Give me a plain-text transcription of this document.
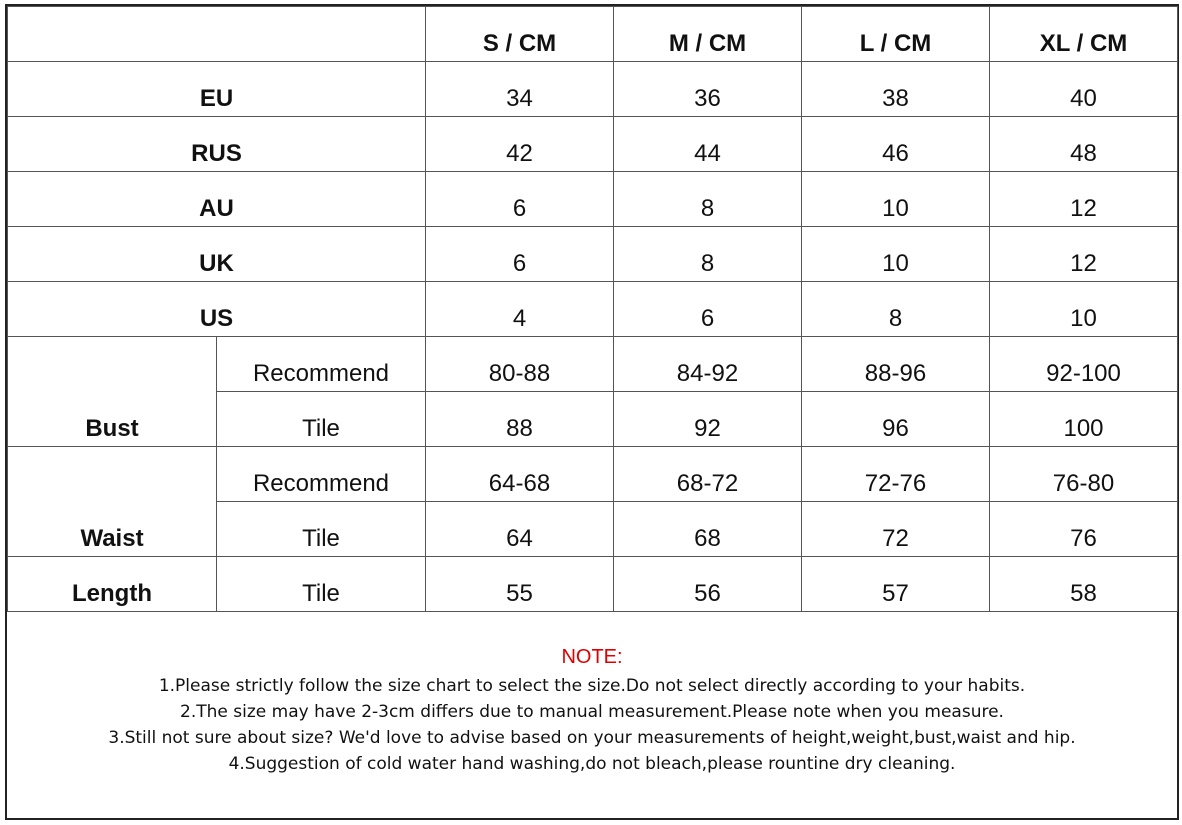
		S / CM	M / CM	L / CM	XL / CM
EU		34	36	38	40
RUS		42	44	46	48
AU		6	8	10	12
UK		6	8	10	12
US		4	6	8	10
Bust	Recommend	80-88	84-92	88-96	92-100
	Tile	88	92	96	100
Waist	Recommend	64-68	68-72	72-76	76-80
	Tile	64	68	72	76
Length	Tile	55	56	57	58
NOTE:
1.Please strictly follow the size chart to select the size.Do not select directly according to your habits.
2.The size may have 2-3cm differs due to manual measurement.Please note when you measure.
3.Still not sure about size? We'd love to advise based on your measurements of height,weight,bust,waist and hip.
4.Suggestion of cold water hand washing,do not bleach,please rountine dry cleaning.
